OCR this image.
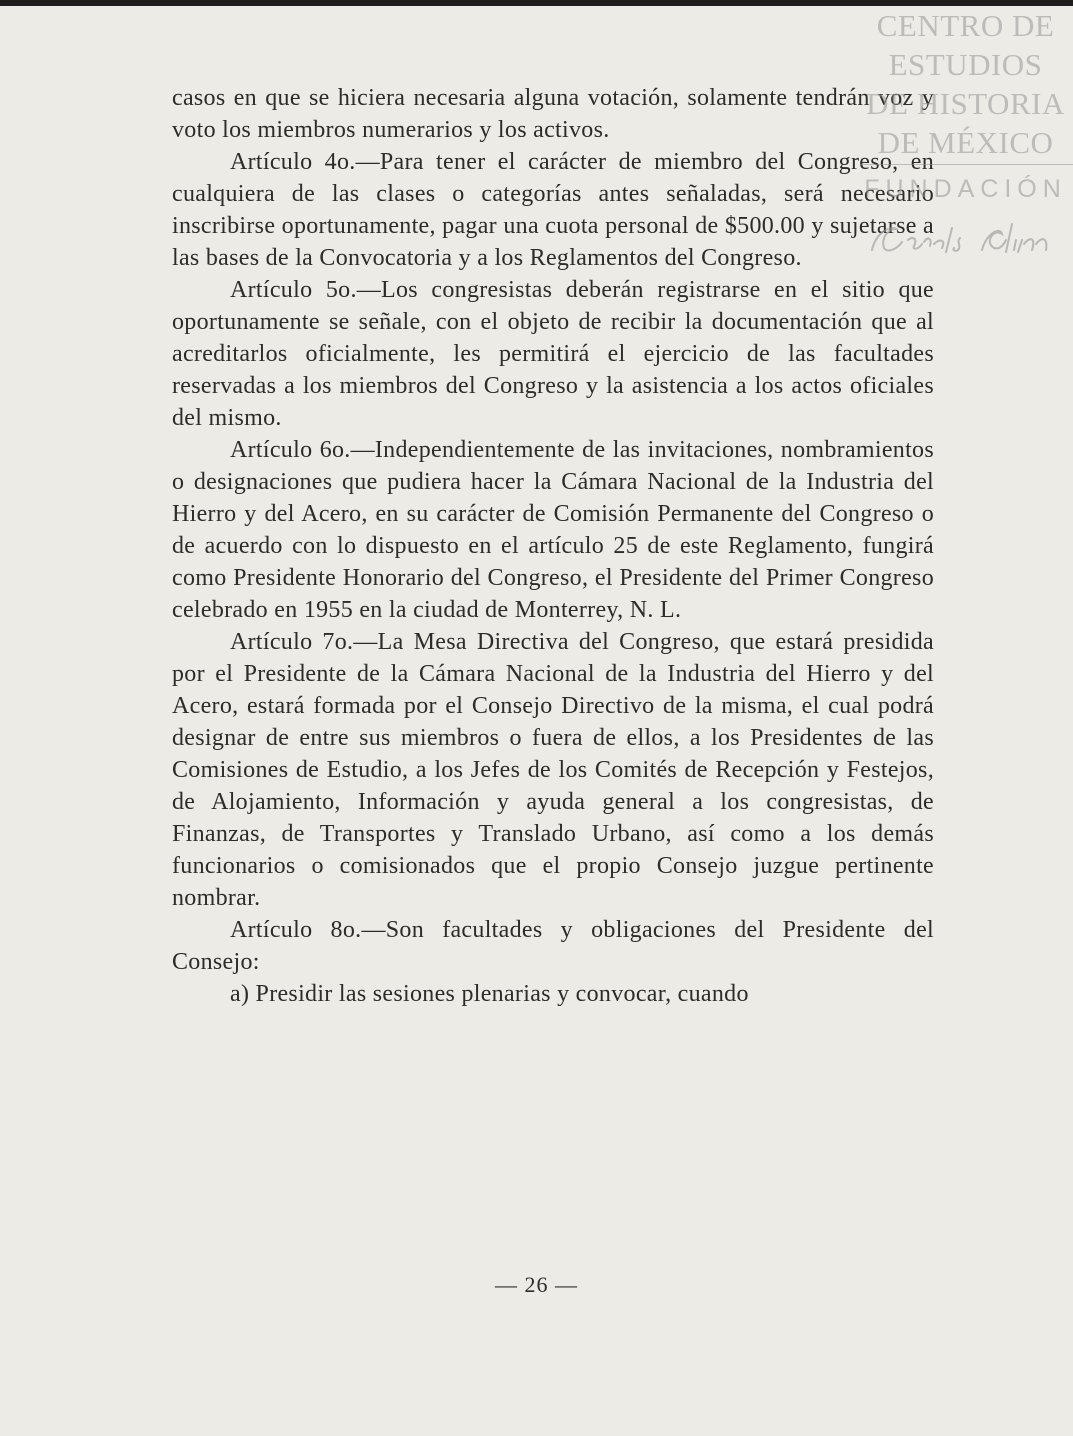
casos en que se hiciera necesaria alguna votación, solamente tendrán voz y voto los miembros numerarios y los activos.

Artículo 4o.—Para tener el carácter de miembro del Congreso, en cualquiera de las clases o categorías antes señaladas, será necesario inscribirse oportunamente, pagar una cuota personal de $500.00 y sujetarse a las bases de la Convocatoria y a los Reglamentos del Congreso.

Artículo 5o.—Los congresistas deberán registrarse en el sitio que oportunamente se señale, con el objeto de recibir la documentación que al acreditarlos oficialmente, les permitirá el ejercicio de las facultades reservadas a los miembros del Congreso y la asistencia a los actos oficiales del mismo.

Artículo 6o.—Independientemente de las invitaciones, nombramientos o designaciones que pudiera hacer la Cámara Nacional de la Industria del Hierro y del Acero, en su carácter de Comisión Permanente del Congreso o de acuerdo con lo dispuesto en el artículo 25 de este Reglamento, fungirá como Presidente Honorario del Congreso, el Presidente del Primer Congreso celebrado en 1955 en la ciudad de Monterrey, N. L.

Artículo 7o.—La Mesa Directiva del Congreso, que estará presidida por el Presidente de la Cámara Nacional de la Industria del Hierro y del Acero, estará formada por el Consejo Directivo de la misma, el cual podrá designar de entre sus miembros o fuera de ellos, a los Presidentes de las Comisiones de Estudio, a los Jefes de los Comités de Recepción y Festejos, de Alojamiento, Información y ayuda general a los congresistas, de Finanzas, de Transportes y Translado Urbano, así como a los demás funcionarios o comisionados que el propio Consejo juzgue pertinente nombrar.

Artículo 8o.—Son facultades y obligaciones del Presidente del Consejo:

a) Presidir las sesiones plenarias y convocar, cuando

— 26 —
CENTRO DE
ESTUDIOS
DE HISTORIA
DE MÉXICO
FUNDACIÓN
